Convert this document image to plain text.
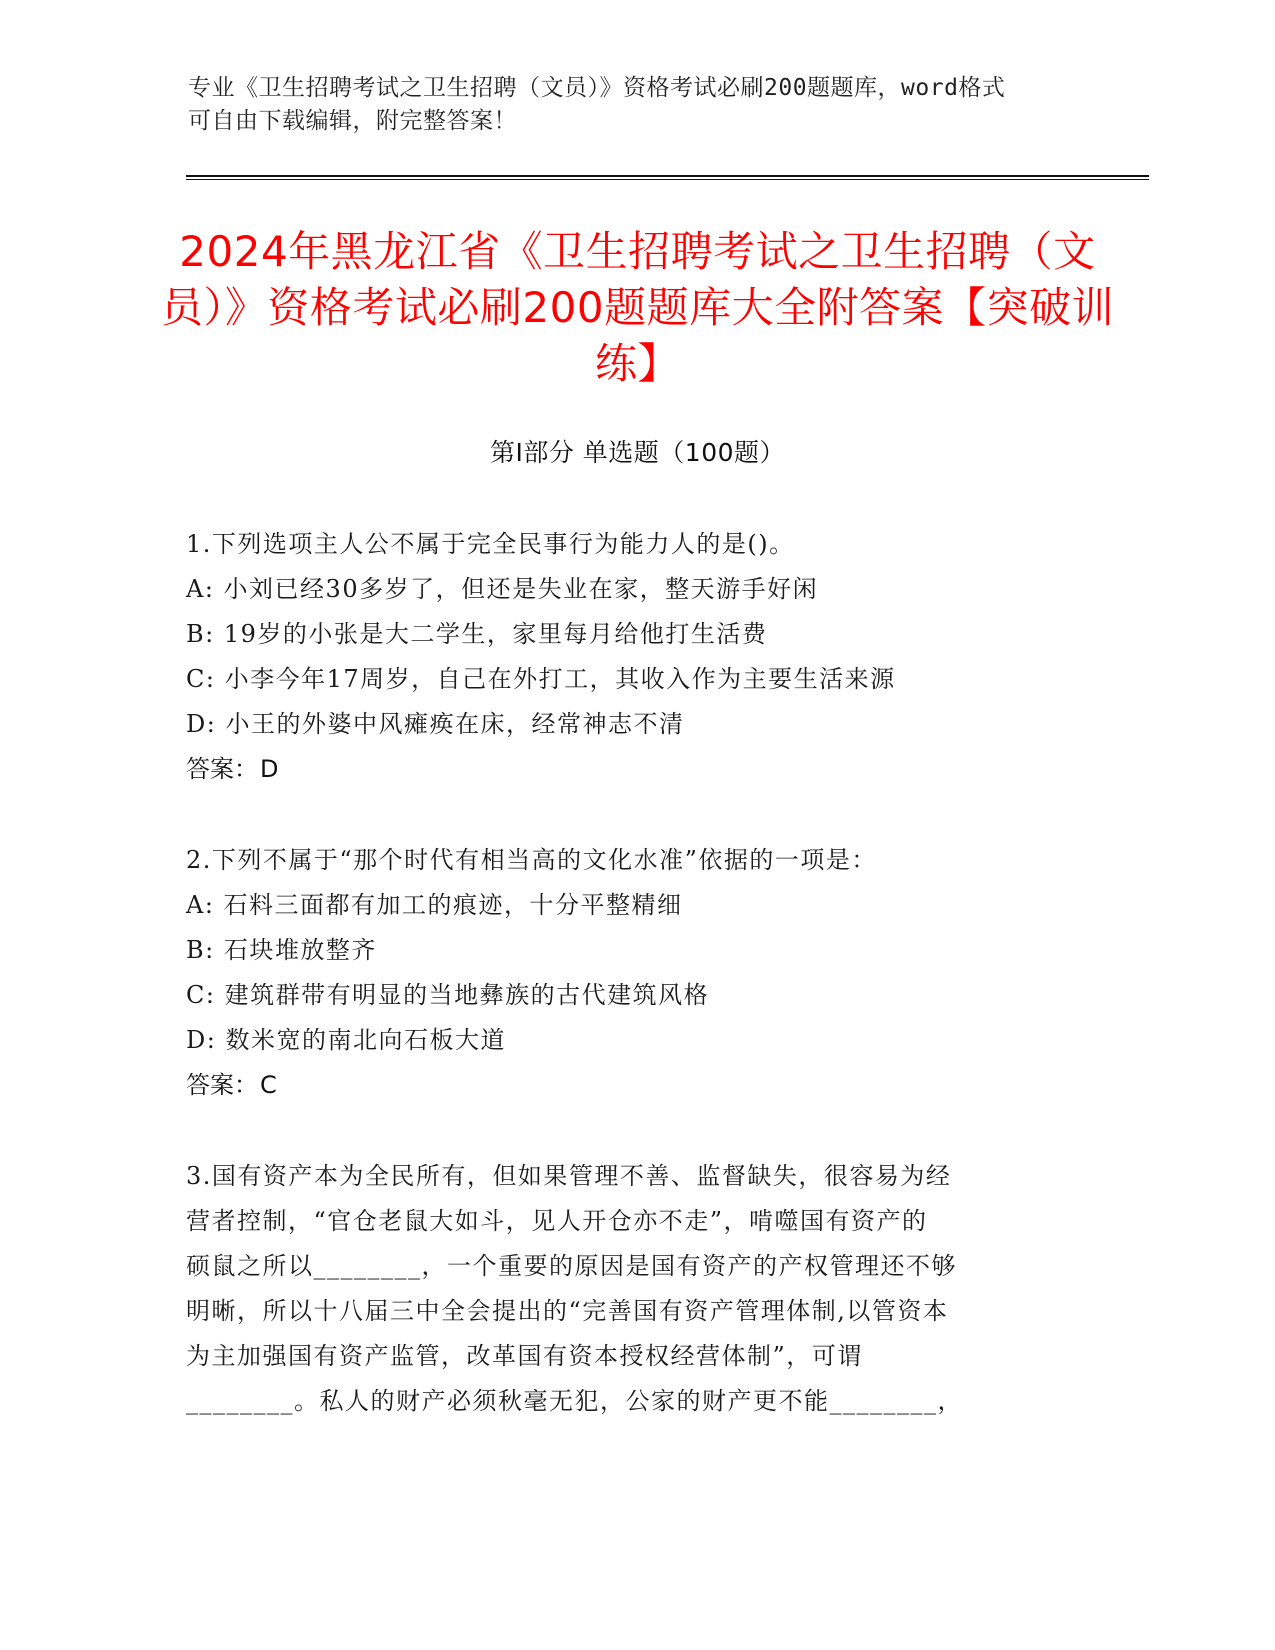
专业《卫生招聘考试之卫生招聘（文员）》资格考试必刷200题题库，word格式
可自由下载编辑，附完整答案！
2024年黑龙江省《卫生招聘考试之卫生招聘（文员）》资格考试必刷200题题库大全附答案【突破训练】
第I部分 单选题（100题）
1.下列选项主人公不属于完全民事行为能力人的是()。
A: 小刘已经30多岁了，但还是失业在家，整天游手好闲
B: 19岁的小张是大二学生，家里每月给他打生活费
C: 小李今年17周岁，自己在外打工，其收入作为主要生活来源
D: 小王的外婆中风瘫痪在床，经常神志不清
答案：D
2.下列不属于“那个时代有相当高的文化水准”依据的一项是：
A: 石料三面都有加工的痕迹，十分平整精细
B: 石块堆放整齐
C: 建筑群带有明显的当地彝族的古代建筑风格
D: 数米宽的南北向石板大道
答案：C
3.国有资产本为全民所有，但如果管理不善、监督缺失，很容易为经
营者控制，“官仓老鼠大如斗，见人开仓亦不走”，啃噬国有资产的
硕鼠之所以________，一个重要的原因是国有资产的产权管理还不够
明晰，所以十八届三中全会提出的“完善国有资产管理体制,以管资本
为主加强国有资产监管，改革国有资本授权经营体制”，可谓
________。私人的财产必须秋毫无犯，公家的财产更不能________，
